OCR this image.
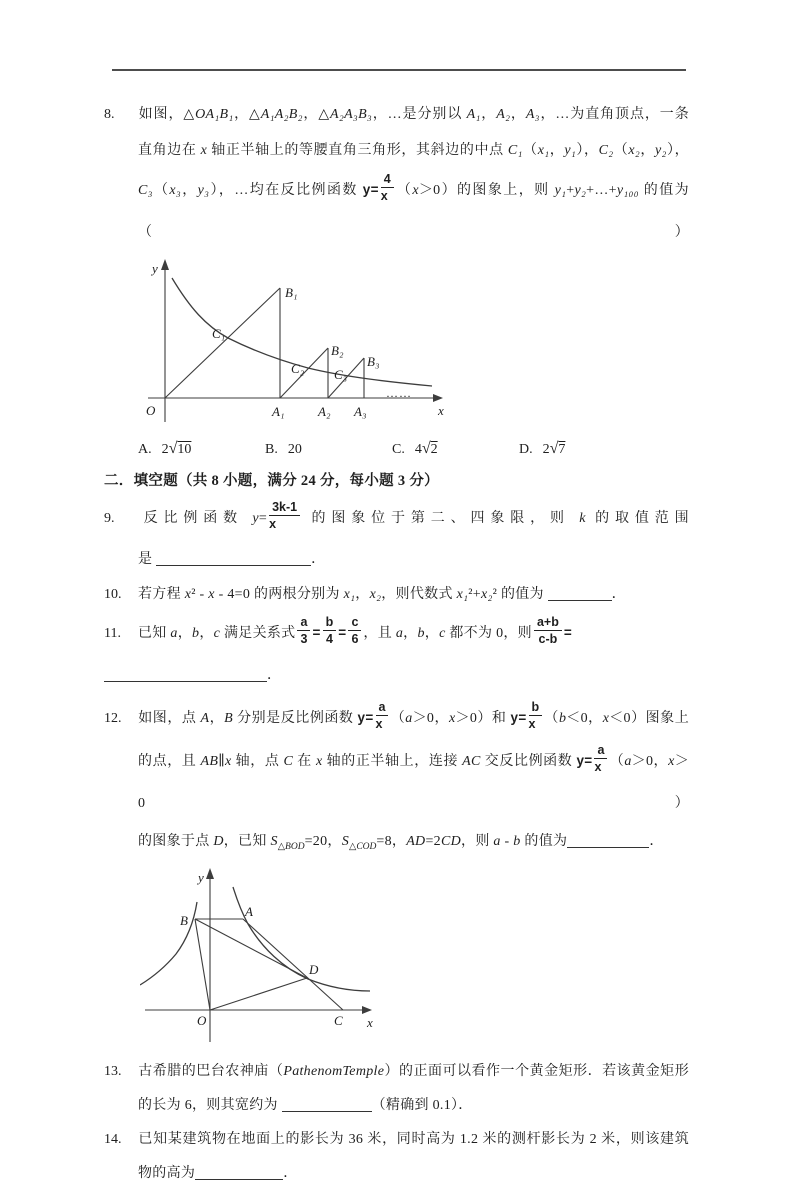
8. 如图，△OA₁B₁，△A₁A₂B₂，△A₂A₃B₃，…是分别以 A₁，A₂，A₃，…为直角顶点，一条
直角边在 x 轴正半轴上的等腰直角三角形，其斜边的中点 C₁（x₁，y₁），C₂（x₂，y₂），
C₃（x₃，y₃），…均在反比例函数 $y= \frac{4}{x} (x>0)$的图象上，则 y₁+y₂+…+y₁₀₀ 的值为（　　）
y
x
O
B₁
A₁
C₁
B₂
A₂
C₂	B₃
A₃
C₃
……
A. 2√10	B. 20	C. 4√2	D. 2√7
二．填空题（共 8 小题，满分 24 分，每小题 3 分）
9. 反比例函数 $y= \frac{3k-1}{x}$ 的图象位于第二、四象限，则 k 的取值范围
是	．
10. 若方程 x² - x - 4=0 的两根分别为 x₁，x₂，则代数式 x₁²+x₂² 的值为	．
11. 已知 a，b，c 满足关系式 $\frac{a}{3} = \frac{b}{4} = \frac{c}{6}$ ，且 a，b，c 都不为 0，则 $\frac{a+b}{c-b}$ =．
12. 如图，点 A，B 分别是反比例函数 $y= \frac{a}{x} (a>0$，x＞0）和 $y= \frac{b}{x} (b<0$，x＜0）图象上
的点，且 AB∥x 轴，点 C 在 x 轴的正半轴上，连接 AC 交反比例函数 $y= \frac{a}{x} (a>0$，x＞0）
的图象于点 D，已知 $S_{\triangle BOD}=20$，$S_{\triangle COD}=8$，AD=2CD，则 a - b 的值为	．
y
x
O
B
A
D
C
13. 古希腊的巴台农神庙（PathenomTemple）的正面可以看作一个黄金矩形．若该黄金矩形
的长为 6，则其宽约为	（精确到 0.1）．
14. 已知某建筑物在地面上的影长为 36 米，同时高为 1.2 米的测杆影长为 2 米，则该建筑
物的高为	．
